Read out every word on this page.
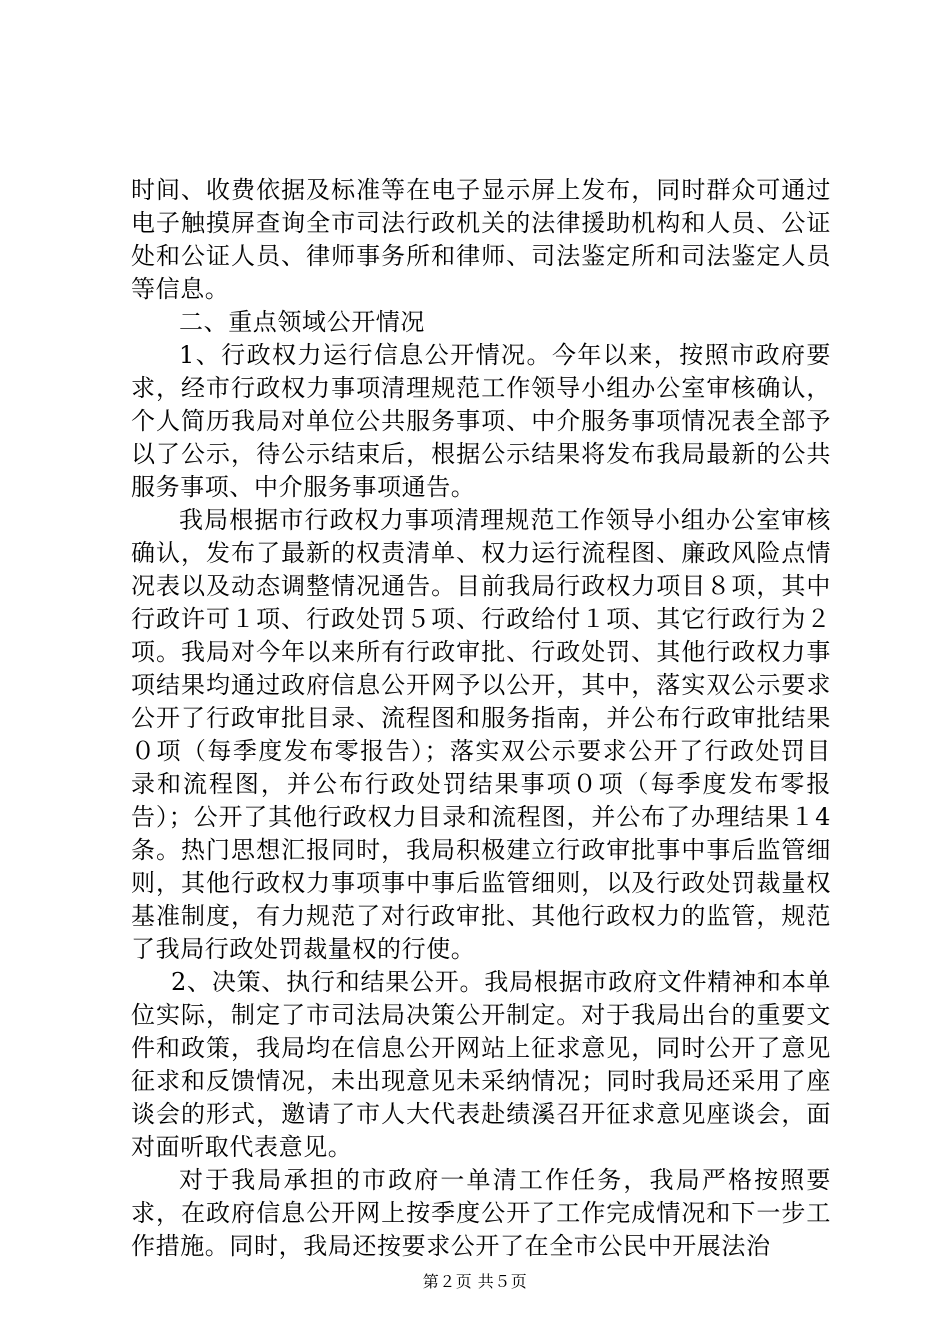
时间、收费依据及标准等在电子显示屏上发布，同时群众可通过电子触摸屏查询全市司法行政机关的法律援助机构和人员、公证处和公证人员、律师事务所和律师、司法鉴定所和司法鉴定人员等信息。

二、重点领域公开情况

1、行政权力运行信息公开情况。今年以来，按照市政府要求，经市行政权力事项清理规范工作领导小组办公室审核确认，个人简历我局对单位公共服务事项、中介服务事项情况表全部予以了公示，待公示结束后，根据公示结果将发布我局最新的公共服务事项、中介服务事项通告。

我局根据市行政权力事项清理规范工作领导小组办公室审核确认，发布了最新的权责清单、权力运行流程图、廉政风险点情况表以及动态调整情况通告。目前我局行政权力项目８项，其中行政许可１项、行政处罚５项、行政给付１项、其它行政行为２项。我局对今年以来所有行政审批、行政处罚、其他行政权力事项结果均通过政府信息公开网予以公开，其中，落实双公示要求公开了行政审批目录、流程图和服务指南，并公布行政审批结果０项（每季度发布零报告）；落实双公示要求公开了行政处罚目录和流程图，并公布行政处罚结果事项０项（每季度发布零报告）；公开了其他行政权力目录和流程图，并公布了办理结果１4条。热门思想汇报同时，我局积极建立行政审批事中事后监管细则，其他行政权力事项事中事后监管细则，以及行政处罚裁量权基准制度，有力规范了对行政审批、其他行政权力的监管，规范了我局行政处罚裁量权的行使。

2、决策、执行和结果公开。我局根据市政府文件精神和本单位实际，制定了市司法局决策公开制定。对于我局出台的重要文件和政策，我局均在信息公开网站上征求意见，同时公开了意见征求和反馈情况，未出现意见未采纳情况；同时我局还采用了座谈会的形式，邀请了市人大代表赴绩溪召开征求意见座谈会，面对面听取代表意见。

对于我局承担的市政府一单清工作任务，我局严格按照要求，在政府信息公开网上按季度公开了工作完成情况和下一步工作措施。同时，我局还按要求公开了在全市公民中开展法治

第２页 共５页
